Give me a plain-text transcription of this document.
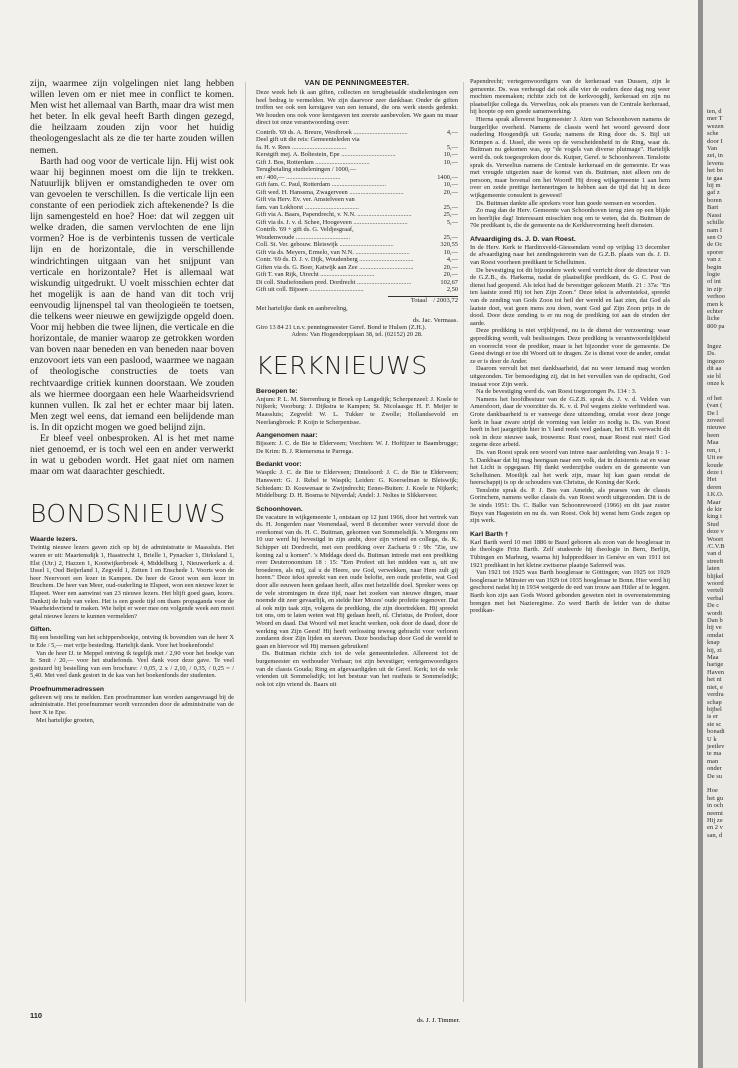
zijn, waarmee zijn volgelingen niet lang hebben willen leven om er niet mee in conflict te komen. Men wist het allemaal van Barth, maar dra wist men het beter. In elk geval heeft Barth dingen gezegd, die heilzaam zouden zijn voor het huidig theologengeslacht als ze die ter harte zouden willen nemen.

Barth had oog voor de verticale lijn. Hij wist ook waar hij beginnen moest om die lijn te trekken. Natuurlijk blijven er omstandigheden te over om van gevoelen te verschillen. Is die verticale lijn een constante of een periodiek zich aftekenende? Is die lijn samengesteld en hoe? Hoe: dat wil zeggen uit welke draden, die samen vervlochten de ene lijn vormen? Hoe is de verbintenis tussen de verticale lijn en de horizontale, die in verschillende windrichtingen uitgaan van het snijpunt van verticale en horizontale? Het is allemaal wat wiskundig uitgedrukt. U voelt misschien echter dat het mogelijk is aan de hand van dit toch vrij eenvoudig lijnenspel tal van theologieën te toetsen, die telkens weer nieuwe en gewijzigde opgeld doen. Voor mij hebben die twee lijnen, die verticale en die horizontale, de manier waarop ze getrokken worden van boven naar beneden en van beneden naar boven enzovoort iets van een paslood, waarmee we nagaan of theologische constructies de toets van rechtvaardige critiek kunnen doorstaan. We zouden als we hiermee doorgaan een hele Waarheidsvriend kunnen vullen. Ik zal het er echter maar bij laten. Men zegt wel eens, dat iemand een belijdende man is. In dit opzicht mogen we goed belijnd zijn.

Er bleef veel onbesproken. Al is het met name niet genoemd, er is toch wel een en ander verwerkt in wat u geboden wordt. Het gaat niet om namen maar om wat daarachter geschiedt.

BONDSNIEUWS
Waarde lezers.

Twintig nieuwe lezers gaven zich op bij de administratie te Maassluis. Het waren er uit: Maartensdijk 1, Haastrecht 1, Brielle 1, Pynacker 1, Dirksland 1, Elst (Utr.) 2, Hazzen 1, Kootwijkerbroek 4, Middelburg 1, Nieuwerkerk a. d. IJssel 1, Oud Beijerland 1, Zegveld 1, Zetten 1 en Enschede 1. Voorts won de heer Neervoort een lezer in Kampen. De heer de Groot won een lezer in Bruchem. De heer van Meer, oud-ouderling te Elspeet, won een nieuwe lezer te Elspeet. Weer een aanwinst van 23 nieuwe lezers. Het blijft goed gaan, lezers. Dankzij de hulp van velen. Het is een goede tijd om thans propaganda voor de Waarheidsvriend te maken. Wie helpt er weer mee om volgende week een mooi getal nieuwe lezers te kunnen vermelden?

Giften.

Bij een bestelling van het schippersboekje, ontving ik bovendien van de heer X te Ede / 5,— met vrije besteding. Hartelijk dank. Voor het boekenfonds!

Van de heer IJ. te Meppel ontving ik tegelijk met / 2,90 voor het boekje van Ir. Smit / 20,— voor het studiefonds. Veel dank voor deze gave. Te veel gestuurd bij bestelling van een brochure: / 0,05, 2 x / 2,10, / 0,35, / 0,25 = / 5,40. Met veel dank gestort in de kas van het boekenfonds der studenten.

Proefnummeradressen

gelieven wij ons te melden. Een proefnummer kan worden aangevraagd bij de administratie. Het proefnummer wordt verzonden door de administratie van de heer X te Epe.

Met hartelijke groeten,

VAN DE PENNINGMEESTER.

Deze week heb ik aan giften, collecten en terugbetaalde studieleningen een heel bedrag te vermelden. We zijn daarvoor zeer dankbaar. Onder de giften troffen we ook een kerstgave van een iemand, die ons werk steeds gedenkt. We houden ons ook voor kerstgaven ten zeerste aanbevolen. We gaan nu maar direct tot onze verantwoording over:

Contrib. '69 ds. A. Breure, Westbroek ..................................	4,—
Deel gift uit die reis: Gemeenteleden via
fa. H. v. Rees ..................................	5,—
Kerstgift mej. A. Boltestein, Epe ..................................	10,—
Gift J. Bos, Rotterdam ..................................	10,—
Terugbetaling studieleningen / 1000,—
en / 400,— ..................................	1400,—
Gift fam. C. Paul, Rotterdam ..................................	10,—
Gift wed. H. Hanssma, Zwagerveen ..................................	20,—
Gift via Herv. Ev. ver. Amstelveen van
fam. van Lokhorst ..................................	25,—
Gift via A. Baars, Papendrecht, v. N.N. ..................................	25,—
Gift via ds. J. v. d. Schee, Hoogeveen ..................................	5,—
Contrib. '69 + gift ds. G. Veldjesgraaf,
Woudenwoude ..................................	25,—
Coll. St. Ver. gebouw. Bleiswijk ..................................	320,55
Gift via ds. Meyers, Ermelo, van N.N. ..................................	10,—
Contr. '69 ds. D. J. v. Dijk, Woudenberg ..................................	4,—
Giften via ds. G. Boer, Katwijk aan Zee ..................................	20,—
Gift T. van Rijk, Utrecht ..................................	20,—
Di coll. Studiefondsen pred. Dordrecht ..................................	102,67
Gift uit coll. Bijssen ..................................	2,50
Totaal / 2003,72

Met hartelijke dank en aanbeveling,

ds. Jac. Vermaas.

Giro 13 84 21 t.n.v. penningmeester Geref. Bond te Hulsen (Z.H.).

Adres: Van Hogendorpplaan 38, tel. (02152) 20 28.

KERKNIEUWS
Beroepen te:

Anjum: P. L. M. Sterrenburg te Broek op Langedijk; Scherpenzeel: J. Koele te Nijkerk; Voorburg: J. Dijkstra te Kampen; St. Nicolaasga: H. F. Meijer te Maassluis; Zegveld: W. L. Tukker te Zwolle; Hollandsevold en Neerlangbroek: P. Koijn te Scherpenisse.

Aangenomen naar:

Bijssen: J. C. de Bie te Elderveen; Vorchten: W. J. Hoftijzer te Baambrugge; De Krim: B. J. Riemersma te Parrega.

Bedankt voor:

Waspik: J. C. de Bie te Elderveen; Dinteloord: J. C. de Bie te Elderveen; Hanswert: G. J. Rebel te Waspik; Leiden: G. Koerselman te Bleiswijk; Schiedam: D. Kouwenaar te Zwijndrecht; Eenes-Buiten: J. Koele te Nijkerk; Middelburg: D. H. Bosma te Nijverdal; Andel: J. Noltes te Slikkerveer.

Schoonhoven.

De vacature in wijkgemeente 1, ontstaan op 12 juni 1966, door het vertrek van ds. H. Jongerden naar Veenendaal, werd 8 december weer vervuld door de overkomst van ds. H. C. Buitman, gekomen van Sommelsdijk. 's Morgens om 10 uur werd hij bevestigd in zijn ambt, door zijn vriend en collega, ds. K. Schipper uit Dordrecht, met een prediking over Zacharia 9 : 9b: "Zie, uw koning zal u komen". 's Middags deed ds. Buitman intrede met een prediking over Deuteronomium 18 : 15: "Een Profeet uit het midden van u, uit uw broederen, als mij, zal u de Heere, uw God, verwekken, naar Hem zult gij horen." Deze tekst spreekt van een oude belofte, een oude profetie, wat God door alle eeuwen heen gedaan heeft, alles met hetzelfde doel. Spreker wees op de vele stromingen in deze tijd, naar het zoeken van nieuwe dingen, maar noemde dit zeer gevaarlijk, en stelde hier Mozes' oude profetie tegenover. Dat al ook mijn taak zijn, volgens de prediking, die zijn doortrekken. Hij spreekt tot ons, om te laten weten wat Hij gedaan heeft, nl. Christus, de Profeet, door Woord en daad. Dat Woord wil met kracht werken, ook door de daad, door de werking van Zijn Geest! Hij heeft verlossing teweeg gebracht voor verloren zondaren door Zijn lijden en sterven. Deze boodschap door God de wereld te gaan en hiervoor wil Hij mensen gebruiken!

Ds. Buitman richtte zich tot de vele gemeenteleden. Allereerst tot de burgemeester en wethouder Verhaar; tot zijn bevestiger; vertegenwoordigers van de classis Gouda; Ring en afgevaardigden uit de Geref. Kerk; tot de vele vrienden uit Sommelsdijk; tot het bestuur van het rusthuis te Sommelsdijk; ook tot zijn vriend ds. Baars uit

Papendrecht; vertegenwoordigers van de kerkeraad van Dussen, zijn le gemeente. Ds. was verheugd dat ook alle vier de ouders deze dag nog weer mochten meemaken; richtte zich tot de kerkvoogdij, kerkeraad en zijn nu plaatselijke collega ds. Verwelius, ook als praeses van de Centrale kerkeraad, hij hoopte op een goede samenwerking.

Hierna sprak allereerst burgemeester J. Aten van Schoonhoven namens de burgerlijke overheid. Namens de classis werd het woord gevoerd door ouderling Hoogendijk uit Gouda; namens de Ring door ds. S. Bijl uit Krimpen a. d. IJssel, die wees op de verscheidenheid in de Ring, waar ds. Buitman nu gekomen was, op "de vogels van diverse pluimage". Hartelijk werd ds. ook toegesproken door ds. Kuiper, Geref. te Schoonhoven. Tenslotte sprak ds. Verwelius namens de Centrale kerkeraad en de gemeente. Er was met vreugde uitgezien naar de komst van ds. Buitman, niet alleen om de persoon, maar bovenal om het Woord! Hij droeg wijkgemeente 1 aan hem over en zeide prettige herinneringen te hebben aan de tijd dat hij in deze wijkgemeente consulent is geweest!

Ds. Buitman dankte alle sprekers voor hun goede wensen en woorden.

Zo mag dan de Herv. Gemeente van Schoonhoven terug zien op een blijde en heerlijke dag! Interessant misschien nog om te weten, dat ds. Buitman de 70e predikant is, die de gemeente na de Kerkhervorming heeft diensten.

Afvaardiging ds. J. D. van Roest.

In de Herv. Kerk te Hardinxveld-Giessendam vond op vrijdag 13 december de afvaardiging naar het zendingsterrein van de G.Z.B. plaats van ds. J. D. van Roest voorheen predikant te Schelluinen.

De bevestiging tot dit bijzondere werk werd verricht door de directeur van de G.Z.B., ds. Harkema, nadat de plaatselijke predikant, ds. G. C. Post de dienst had geopend. Als tekst had de bevestiger gekozen Matth. 21 : 37a: "En ten laatste zond Hij tot hen Zijn Zoon." Deze tekst is adventstekst, spreekt van de zending van Gods Zoon tot heil der wereld en laat zien, dat God als laatste doet, wat geen mens zou doen, want God gaf Zijn Zoon prijs in de dood. Door deze zending is er nu nog de prediking tot aan de einden der aarde.

Deze prediking is niet vrijblijvend, nu is de dienst der verzoening: waar geprediking wordt, valt beslissingen. Deze prediking is verantwoordelijkheid en voorrecht voor de prediker, maar is het bijzonder voor de gemeente. De Geest dwingt er toe dit Woord uit te dragen. Ze is dienst voor de ander, omdat ze er is door de Ander.

Daarom vervult het met dankbaarheid, dat nu weer iemand mag worden uitgezonden. Ter bemoediging zij, dat in het vervullen van de opdracht, God instaat voor Zijn werk.

Na de bevestiging werd ds. van Roest toegezongen Ps. 134 : 3.

Namens het hoofdbestuur van de G.Z.B. sprak ds. J. v. d. Velden van Amersfoort, daar de voorzitter ds. K. v. d. Pol wegens ziekte verhinderd was. Grote dankbaarheid is er vanwege deze uitzending, omdat voor deze jonge kerk in haar zware strijd de vorming van leider zo nodig is. Ds. van Roest heeft in het jaargetijde hier in 't land reeds veel gedaan, het H.B. verwacht dit ook in deze nieuwe taak, trouwens: Rust roest, maar Roest rust niet! God zegene deze arbeid.

Ds. van Roest sprak een woord van intree naar aanleiding van Jesaja 9 : 1-5. Dankbaar dat hij mag heengaan naar een volk, dat in duisternis zat en waar het Licht is opgegaan. Hij dankt wederzijdse ouders en de gemeente van Schelluinen. Moeilijk zal het werk zijn, maar hij kan gaan omdat de heerschappij is op de schouders van Christus, de Koning der Kerk.

Tenslotte sprak ds. P. J. Bos van Ameide, als praeses van de classis Gorinchem, namens welke classis ds. van Roest wordt uitgezonden. Dit is de 3e sinds 1951: Ds. C. Balke van Schoonrewoerd (1966) en dit jaar zuster Buys van Hagestein en nu ds. van Roest. Ook hij wenst hem Gods zegen op zijn werk.

Karl Barth †

Karl Barth werd 10 mei 1886 te Bazel geboren als zoon van de hoogleraar in de theologie Fritz Barth. Zelf studeerde hij theologie in Bern, Berlijn, Tübingen en Marburg, waarna hij hulppredikser in Genève en van 1911 tot 1921 predikant in het kleine zwitserse plaatsje Safenwil was.

Van 1921 tot 1925 was Barth hoogleraar te Göttingen; van 1925 tot 1929 hoogleraar te Münster en van 1929 tot 1935 hoogleraar te Bonn. Hier werd hij geschorst nadat hij in 1934 weigerde de eed van trouw aan Hitler af te leggen. Barth kon zijn aan Gods Woord gebonden geweten niet in overeenstemming brengen met het Nazieregime. Zo werd Barth de leider van de duitse predikan-

ds. J. J. Timmer.
110
ten, d
mer T
wezen
sche
door I
Van
zei, in
levens
het bo
te gaa
hij m
gaf z
boren
Bart
Nassi
schille
nam I
sen O
de Oc
sporer
van z
begin
logie
of int
in zijr
verhoo
men k
echter
liche
800 pa
Ingez
Ds.
ingezo
dit aa
ste bl
onze k

of het
(van (
De l
zoveel
nieuwe
heen
Maa
ren, t
Uit ee
koude
deze t
Het
deren
I.K.O.
Maar
de kir
king t
Stud
deze v
Woort
/C.V.B
van d
streeft
laten
blijkel
woord
verteli
verbal
De c
wordt
Dan b
hij ve
omdat
knap
hij, zi
Maa
harige
Haven
het ni
niet, e
verdra
schap
bijbel
is er
ste sc
bonadi
U k
jeetlev
te ma
man
onder
De su

Hoe
het gu
in och
neemt
Hij ze
en 2 v
san, d
